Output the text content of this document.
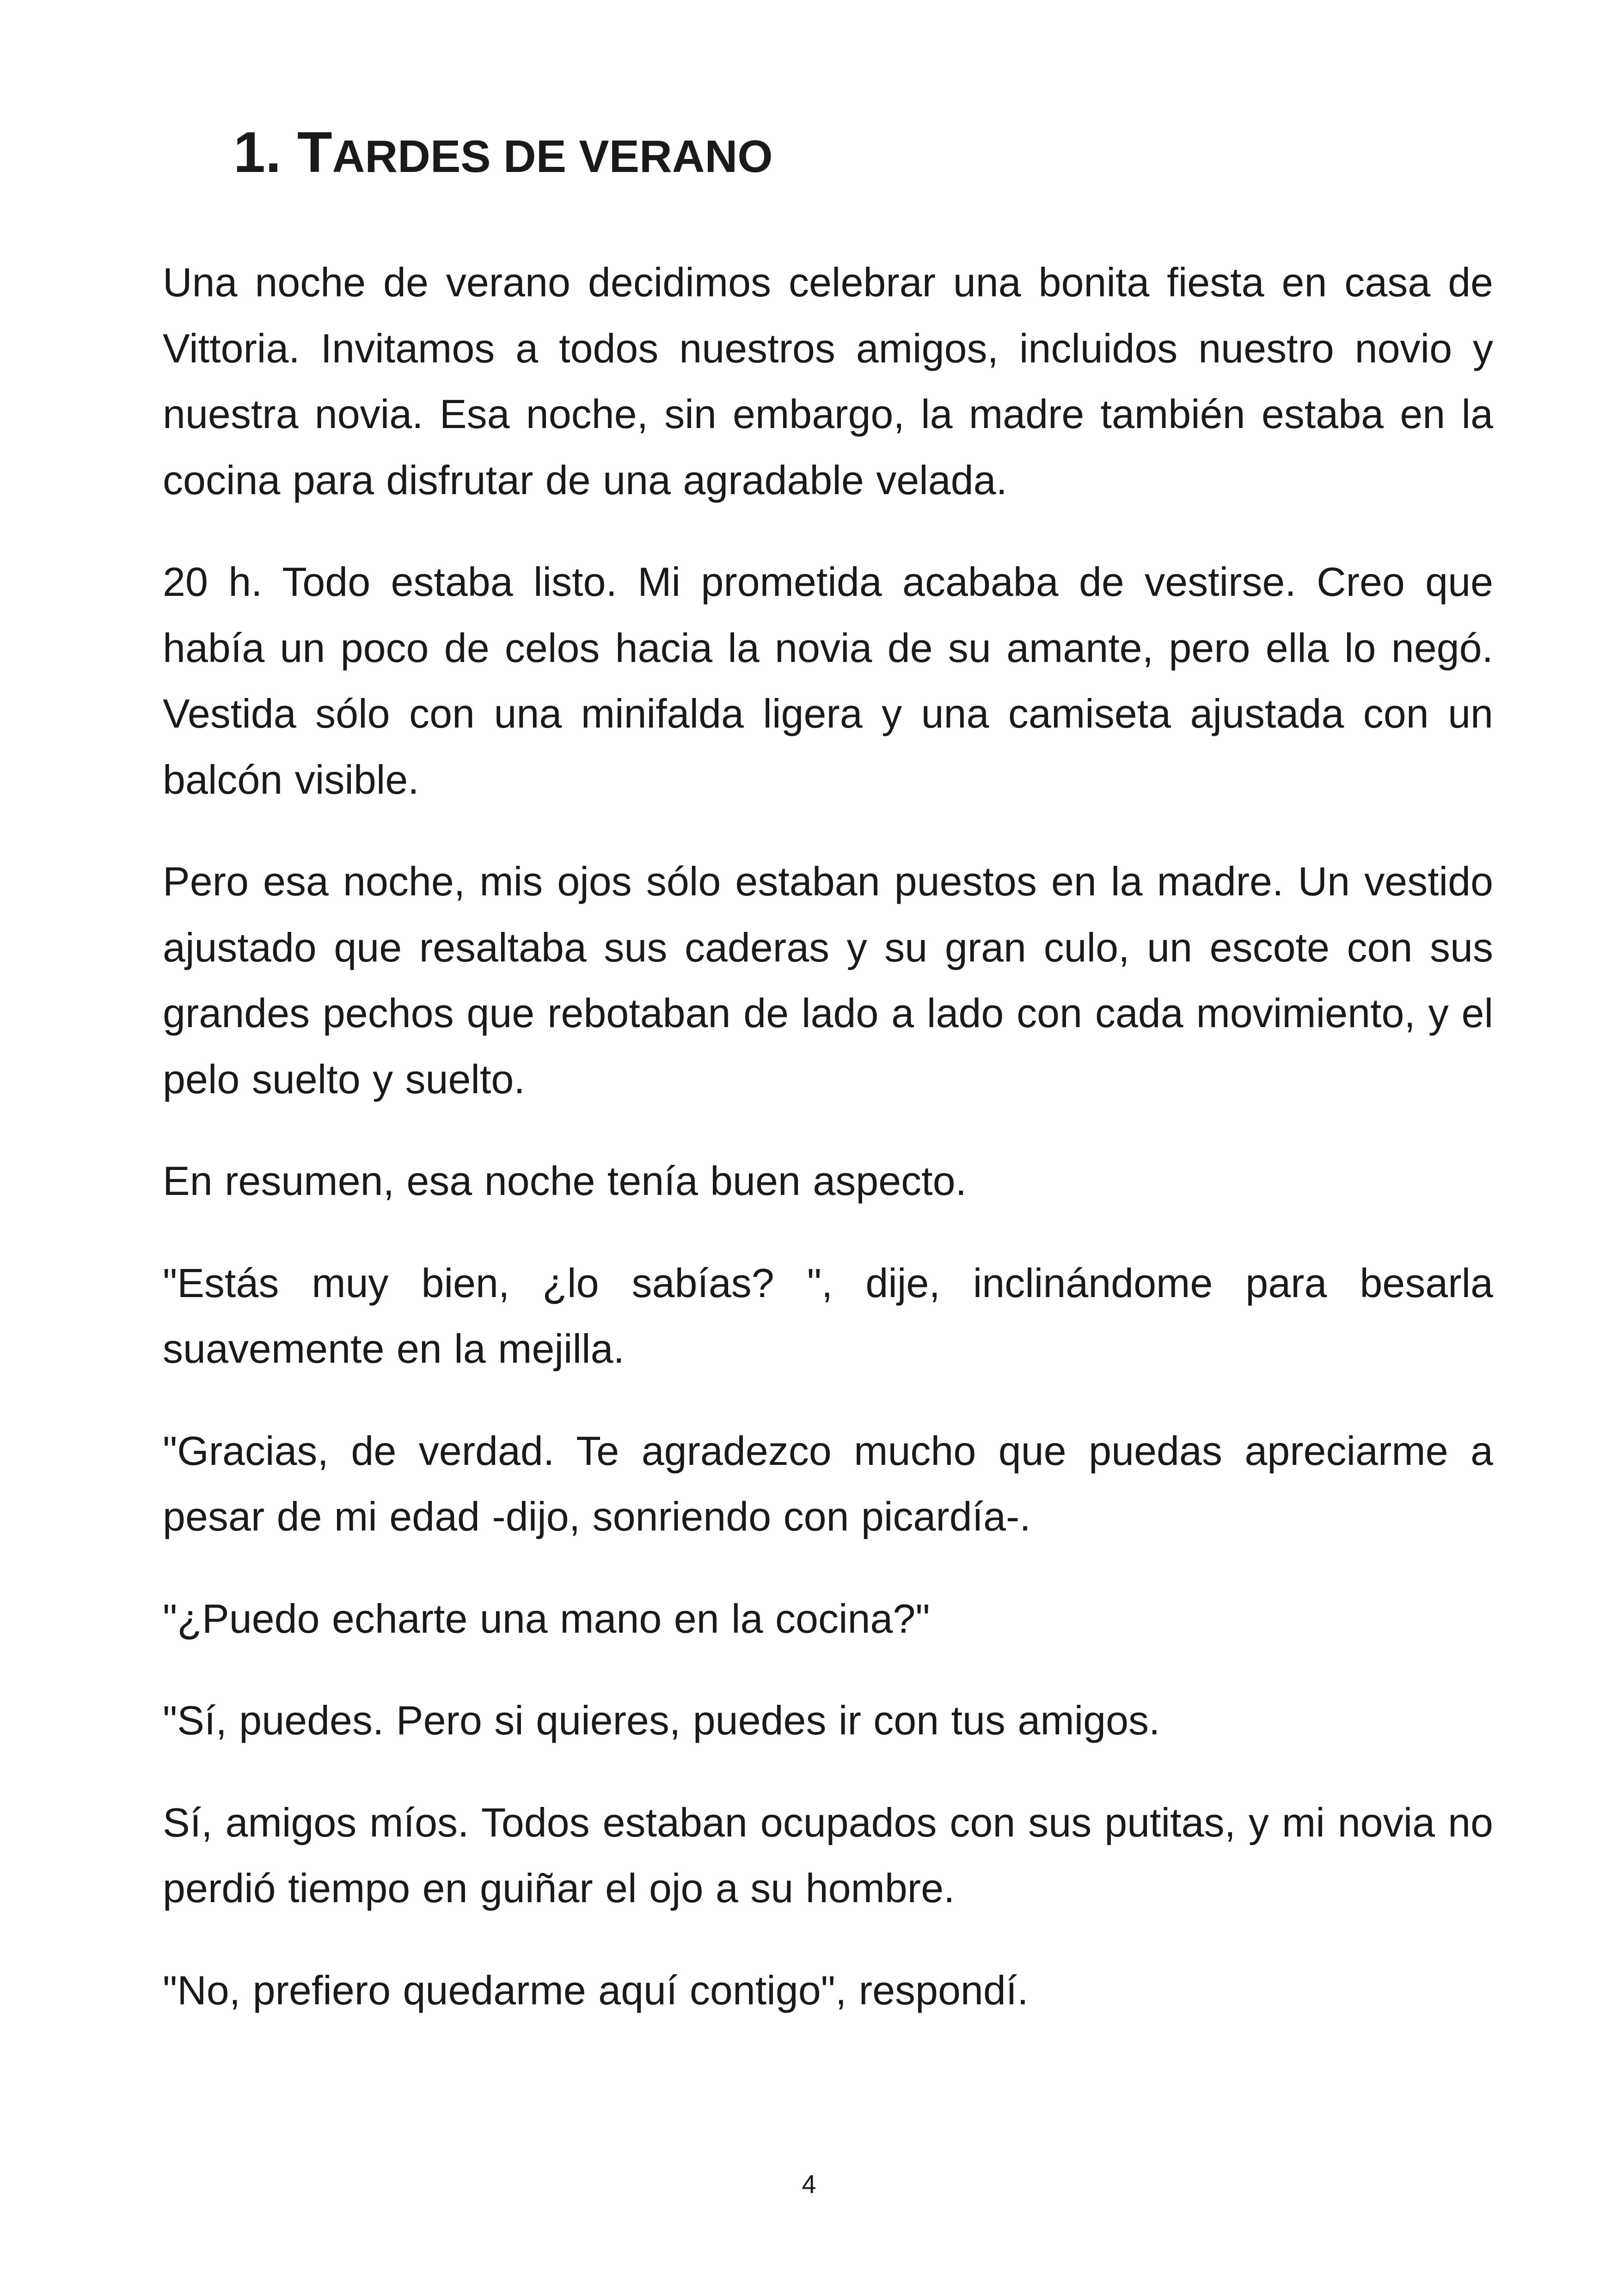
1. TARDES DE VERANO

Una noche de verano decidimos celebrar una bonita fiesta en casa de Vittoria. Invitamos a todos nuestros amigos, incluidos nuestro novio y nuestra novia. Esa noche, sin embargo, la madre también estaba en la cocina para disfrutar de una agradable velada.

20 h. Todo estaba listo. Mi prometida acababa de vestirse. Creo que había un poco de celos hacia la novia de su amante, pero ella lo negó. Vestida sólo con una minifalda ligera y una camiseta ajustada con un balcón visible.

Pero esa noche, mis ojos sólo estaban puestos en la madre. Un vestido ajustado que resaltaba sus caderas y su gran culo, un escote con sus grandes pechos que rebotaban de lado a lado con cada movimiento, y el pelo suelto y suelto.

En resumen, esa noche tenía buen aspecto.

"Estás muy bien, ¿lo sabías? ", dije, inclinándome para besarla suavemente en la mejilla.

"Gracias, de verdad. Te agradezco mucho que puedas apreciarme a pesar de mi edad -dijo, sonriendo con picardía-.

"¿Puedo echarte una mano en la cocina?"

"Sí, puedes. Pero si quieres, puedes ir con tus amigos.

Sí, amigos míos. Todos estaban ocupados con sus putitas, y mi novia no perdió tiempo en guiñar el ojo a su hombre.

"No, prefiero quedarme aquí contigo", respondí.

4
